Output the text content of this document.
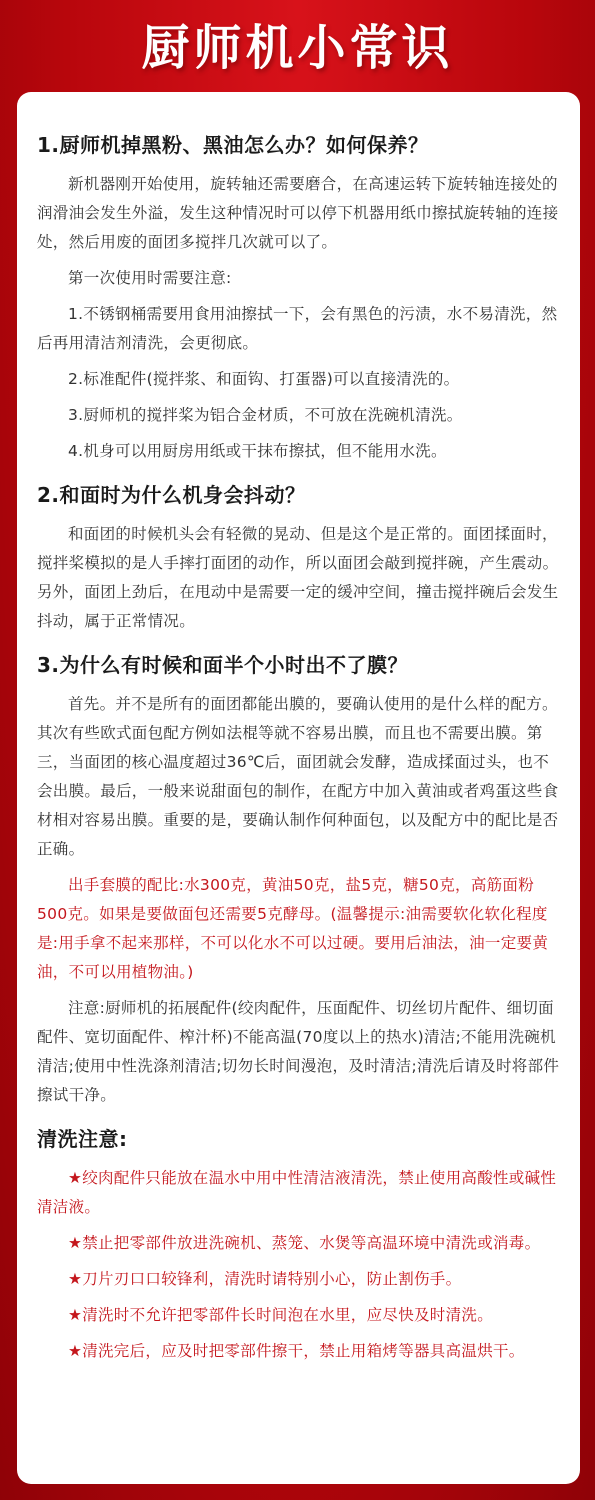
厨师机小常识
1.厨师机掉黑粉、黑油怎么办？如何保养？

新机器刚开始使用，旋转轴还需要磨合，在高速运转下旋转轴连接处的润滑油会发生外溢，发生这种情况时可以停下机器用纸巾擦拭旋转轴的连接处，然后用废的面团多搅拌几次就可以了。

第一次使用时需要注意:

1.不锈钢桶需要用食用油擦拭一下，会有黑色的污渍，水不易清洗，然后再用清洁剂清洗，会更彻底。

2.标准配件(搅拌浆、和面钩、打蛋器)可以直接清洗的。

3.厨师机的搅拌桨为铝合金材质，不可放在洗碗机清洗。

4.机身可以用厨房用纸或干抹布擦拭，但不能用水洗。

2.和面时为什么机身会抖动？

和面团的时候机头会有轻微的晃动、但是这个是正常的。面团揉面时，搅拌桨模拟的是人手摔打面团的动作，所以面团会敲到搅拌碗，产生震动。另外，面团上劲后，在甩动中是需要一定的缓冲空间，撞击搅拌碗后会发生抖动，属于正常情况。

3.为什么有时候和面半个小时出不了膜？

首先。并不是所有的面团都能出膜的，要确认使用的是什么样的配方。其次有些欧式面包配方例如法棍等就不容易出膜，而且也不需要出膜。第三，当面团的核心温度超过36℃后，面团就会发酵，造成揉面过头，也不会出膜。最后，一般来说甜面包的制作，在配方中加入黄油或者鸡蛋这些食材相对容易出膜。重要的是，要确认制作何种面包，以及配方中的配比是否正确。

出手套膜的配比:水300克，黄油50克，盐5克，糖50克，高筋面粉500克。如果是要做面包还需要5克酵母。(温馨提示:油需要软化软化程度是:用手拿不起来那样，不可以化水不可以过硬。要用后油法，油一定要黄油，不可以用植物油。)

注意:厨师机的拓展配件(绞肉配件，压面配件、切丝切片配件、细切面配件、宽切面配件、榨汁杯)不能高温(70度以上的热水)清洁;不能用洗碗机清洁;使用中性洗涤剂清洁;切勿长时间漫泡，及时清洁;清洗后请及时将部件擦试干净。

清洗注意:

★绞肉配件只能放在温水中用中性清洁液清洗，禁止使用高酸性或碱性清洁液。

★禁止把零部件放进洗碗机、蒸笼、水煲等高温环境中清洗或消毒。

★刀片刃口口较锋利，清洗时请特别小心，防止割伤手。

★清洗时不允许把零部件长时间泡在水里，应尽快及时清洗。

★清洗完后，应及时把零部件擦干，禁止用箱烤等器具高温烘干。
